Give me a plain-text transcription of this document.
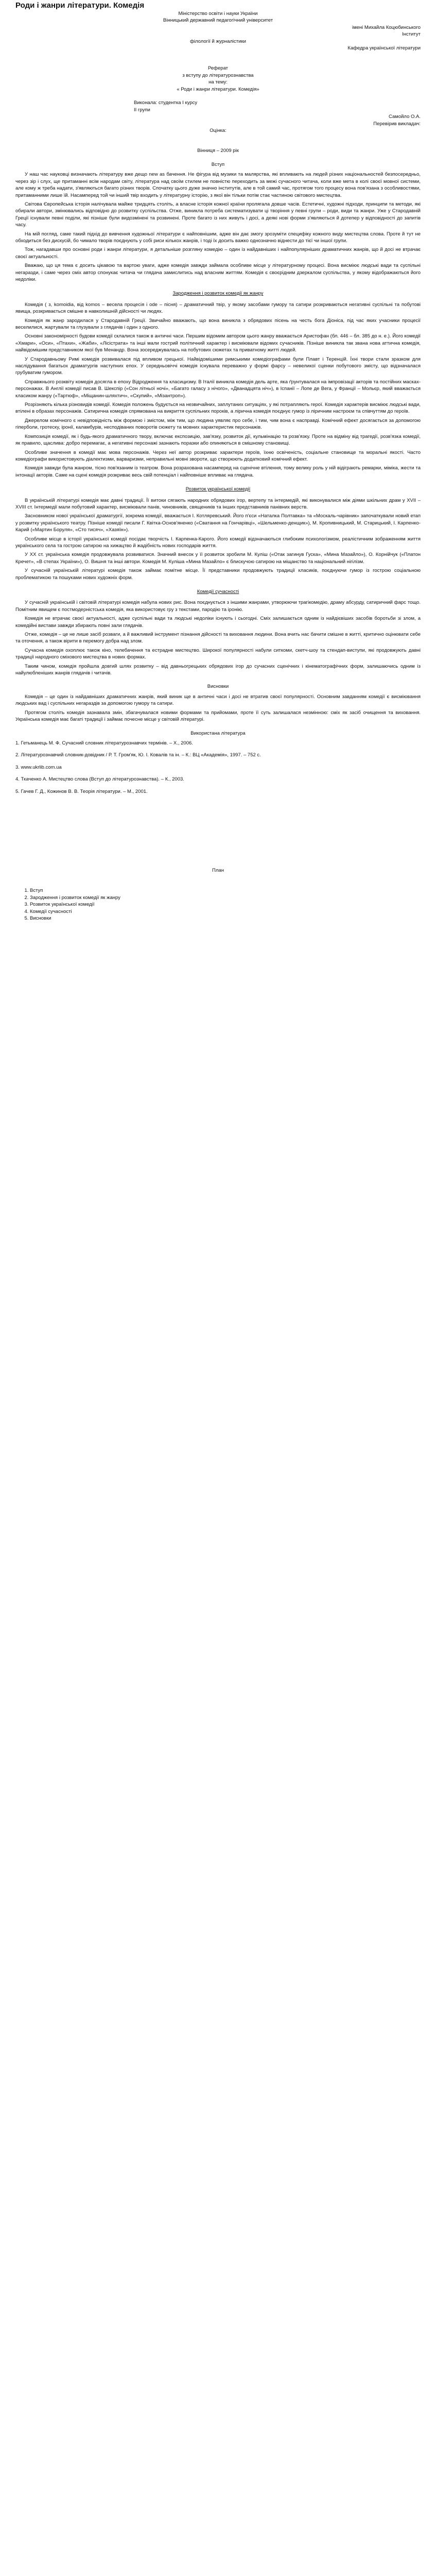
Роди і жанри літератури. Комедія

Міністерство освіти і науки України

Вінницький державний педагогічний університет

імені Михайла Коцюбинського

Інститут

філології й журналістики

Кафедра української літератури

Реферат

з вступу до літературознавства

на тему:

« Роди і жанри літератури. Комедія»

Виконала: студентка І курсу

ІІ групи

Самойло О.А.

Перевірив викладач:

Оцінка:

Вінниця – 2009 рік

Вступ

У наш час науковці визначають літературу вже дещо new as бачення. Не фігура від музики та малярства, які впливають на людей різних національностей безпосередньо, через зір і слух, ще притаманні всім народам світу, література над своїм стилем не повністю переходить за межі сучасного читача, коли вже мета в колі своєї мовної системи, але кому ж треба надати, з'являються багато різних творів. Спочатку цього дуже значно інститутів, але в той самий час, протягом того процесу вона пов'язана з особливостями, притаманними лише їй. Насамперед той чи інший твір входить у літературну історію, з якої він тільки потім стає частиною світового мистецтва.

Світова Європейська історія налічувала майже тридцять століть, а власне історія кожної країни пролягала довше часів. Естетичні, художні підходи, принципи та методи, які обирали автори, змінювались відповідно до розвитку суспільства. Отже, виникла потреба систематизувати ці творіння у певні групи – роди, види та жанри. Уже у Стародавній Греції існували певні поділи, які пізніше були видозмінені та розвинені. Проте багато із них живуть і досі, а деякі нові форми з'являються й дотепер у відповідності до запитів часу.

На мій погляд, саме такий підхід до вивчення художньої літератури є найповнішим, адже він дає змогу зрозуміти специфіку кожного виду мистецтва слова. Проте й тут не обходиться без дискусій, бо чимало творів поєднують у собі риси кількох жанрів, і тоді їх досить важко однозначно віднести до тієї чи іншої групи.

Тож, нагадавши про основні роди і жанри літератури, я детальніше розгляну комедію – один із найдавніших і найпопулярніших драматичних жанрів, що й досі не втрачає своєї актуальності.

Вважаю, що ця тема є досить цікавою та вартою уваги, адже комедія завжди займала особливе місце у літературному процесі. Вона висміює людські вади та суспільні негаразди, і саме через сміх автор спонукає читача чи глядача замислитись над власним життям. Комедія є своєрідним дзеркалом суспільства, у якому відображаються його недоліки.

Зародження і розвиток комедії як жанру

Комедія ( з, komoidia, від komos – весела процесія і ode – пісня) – драматичний твір, у якому засобами гумору та сатири розкриваються негативні суспільні та побутові явища, розкривається смішне в навколишній дійсності чи людях.

Комедія як жанр зародилася у Стародавній Греції. Звичайно вважають, що вона виникла з обрядових пісень на честь бога Діоніса, під час яких учасники процесії веселилися, жартували та глузували з глядачів і один з одного.

Основні закономірності будови комедії склалися також в античні часи. Першим відомим автором цього жанру вважається Аристофан (бл. 446 – бл. 385 до н. е.). Його комедії «Хмари», «Оси», «Птахи», «Жаби», «Лісістрата» та інші мали гострий політичний характер і висміювали відомих сучасників. Пізніше виникла так звана нова аттична комедія, найвідомішим представником якої був Менандр. Вона зосереджувалась на побутових сюжетах та приватному житті людей.

У Стародавньому Римі комедія розвивалася під впливом грецької. Найвідомішими римськими комедіографами були Плавт і Теренцій. Їхні твори стали зразком для наслідування багатьох драматургів наступних епох. У середньовіччі комедія існувала переважно у формі фарсу – невеликої сценки побутового змісту, що відзначалася грубуватим гумором.

Справжнього розквіту комедія досягла в епоху Відродження та класицизму. В Італії виникла комедія дель арте, яка ґрунтувалася на імпровізації акторів та постійних масках-персонажах. В Англії комедії писав В. Шекспір («Сон літньої ночі», «Багато галасу з нічого», «Дванадцята ніч»), в Іспанії – Лопе де Вега, у Франції – Мольєр, який вважається класиком жанру («Тартюф», «Міщанин-шляхтич», «Скупий», «Мізантроп»).

Розрізняють кілька різновидів комедії. Комедія положень будується на незвичайних, заплутаних ситуаціях, у які потрапляють герої. Комедія характерів висміює людські вади, втілені в образах персонажів. Сатирична комедія спрямована на викриття суспільних пороків, а лірична комедія поєднує гумор із ліричним настроєм та співчуттям до героїв.

Джерелом комічного є невідповідність між формою і змістом, між тим, що людина уявляє про себе, і тим, чим вона є насправді. Комічний ефект досягається за допомогою гіперболи, гротеску, іронії, каламбурів, несподіваних поворотів сюжету та мовних характеристик персонажів.

Композиція комедії, як і будь-якого драматичного твору, включає експозицію, зав'язку, розвиток дії, кульмінацію та розв'язку. Проте на відміну від трагедії, розв'язка комедії, як правило, щаслива: добро перемагає, а негативні персонажі зазнають поразки або опиняються в смішному становищі.

Особливе значення в комедії має мова персонажів. Через неї автор розкриває характери героїв, їхню освіченість, соціальне становище та моральні якості. Часто комедіографи використовують діалектизми, варваризми, неправильні мовні звороти, що створюють додатковий комічний ефект.

Комедія завжди була жанром, тісно пов'язаним із театром. Вона розрахована насамперед на сценічне втілення, тому велику роль у ній відіграють ремарки, міміка, жести та інтонації акторів. Саме на сцені комедія розкриває весь свій потенціал і найповніше впливає на глядача.

Розвиток української комедії

В українській літературі комедія має давні традиції. Її витоки сягають народних обрядових ігор, вертепу та інтермедій, які виконувалися між діями шкільних драм у XVII – XVIII ст. Інтермедії мали побутовий характер, висміювали панів, чиновників, священиків та інших представників панівних верств.

Засновником нової української драматургії, зокрема комедії, вважається І. Котляревський. Його п'єси «Наталка Полтавка» та «Москаль-чарівник» започаткували новий етап у розвитку українського театру. Пізніше комедії писали Г. Квітка-Основ'яненко («Сватання на Гончарівці», «Шельменко-денщик»), М. Кропивницький, М. Старицький, І. Карпенко-Карий («Мартин Боруля», «Сто тисяч», «Хазяїн»).

Особливе місце в історії української комедії посідає творчість І. Карпенка-Карого. Його комедії відзначаються глибоким психологізмом, реалістичним зображенням життя українського села та гострою сатирою на хижацтво й жадібність нових господарів життя.

У XX ст. українська комедія продовжувала розвиватися. Значний внесок у її розвиток зробили М. Куліш («Отак загинув Гуска», «Мина Мазайло»), О. Корнійчук («Платон Кречет», «В степах України»), О. Вишня та інші автори. Комедія М. Куліша «Мина Мазайло» є блискучою сатирою на міщанство та національний нігілізм.

У сучасній українській літературі комедія також займає помітне місце. Її представники продовжують традиції класиків, поєднуючи гумор із гострою соціальною проблематикою та пошуками нових художніх форм.

Комедії сучасності

У сучасній українській і світовій літературі комедія набула нових рис. Вона поєднується з іншими жанрами, утворюючи трагікомедію, драму абсурду, сатиричний фарс тощо. Помітним явищем є постмодерністська комедія, яка використовує гру з текстами, пародію та іронію.

Комедія не втрачає своєї актуальності, адже суспільні вади та людські недоліки існують і сьогодні. Сміх залишається одним із найдієвіших засобів боротьби зі злом, а комедійні вистави завжди збирають повні зали глядачів.

Отже, комедія – це не лише засіб розваги, а й важливий інструмент пізнання дійсності та виховання людини. Вона вчить нас бачити смішне в житті, критично оцінювати себе та оточення, а також вірити в перемогу добра над злом.

Сучасна комедія охоплює також кіно, телебачення та естрадне мистецтво. Широкої популярності набули ситкоми, скетч-шоу та стендап-виступи, які продовжують давні традиції народного сміхового мистецтва в нових формах.

Таким чином, комедія пройшла довгий шлях розвитку – від давньогрецьких обрядових ігор до сучасних сценічних і кінематографічних форм, залишаючись одним із найулюбленіших жанрів глядачів і читачів.

Висновки

Комедія – це один із найдавніших драматичних жанрів, який виник ще в античні часи і досі не втратив своєї популярності. Основним завданням комедії є висміювання людських вад і суспільних негараздів за допомогою гумору та сатири.

Протягом століть комедія зазнавала змін, збагачувалася новими формами та прийомами, проте її суть залишалася незмінною: сміх як засіб очищення та виховання. Українська комедія має багаті традиції і займає почесне місце у світовій літературі.

Використана література
1. Гетьманець М. Ф. Сучасний словник літературознавчих термінів. – Х., 2006.
2. Літературознавчий словник-довідник / Р. Т. Гром'як, Ю. І. Ковалів та ін. – К.: ВЦ «Академія», 1997. – 752 с.
3. www.ukrlib.com.ua
4. Ткаченко А. Мистецтво слова (Вступ до літературознавства). – К., 2003.
5. Гачев Г. Д., Кожинов В. В. Теорія літератури. – М., 2001.
План
1. Вступ
2. Зародження і розвиток комедії як жанру
3. Розвиток української комедії
4. Комедії сучасності
5. Висновки
